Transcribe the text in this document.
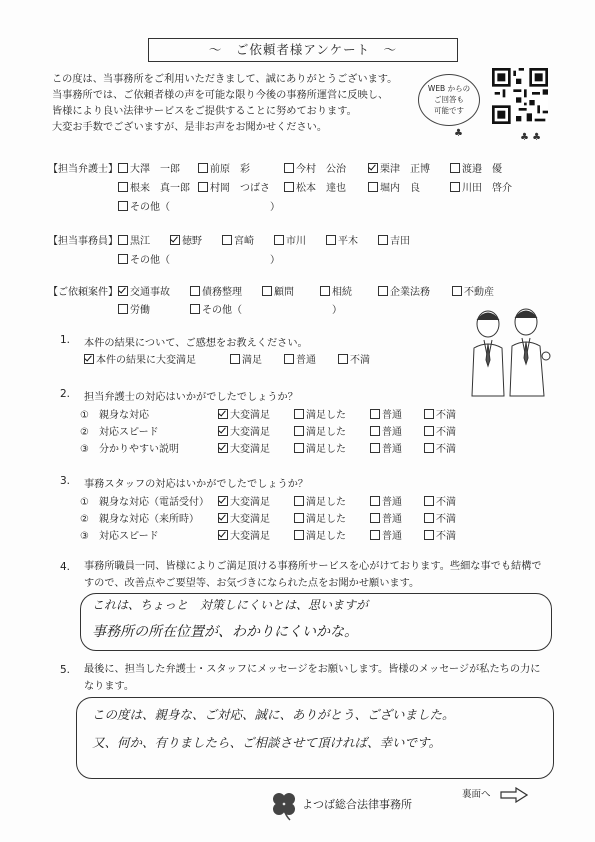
～　ご依頼者様アンケート　～
この度は、当事務所をご利用いただきまして、誠にありがとうございます。
当事務所では、ご依頼者様の声を可能な限り今後の事務所運営に反映し、
皆様により良い法律サービスをご提供することに努めております。
大変お手数でございますが、是非お声をお聞かせください。
WEB からの
ご回答も
可能です
♣	♣ ♣
【担当弁護士】	大澤　一郎	前原　彩	今村　公治	栗津　正博	渡邉　優
根来　真一郎	村岡　つばさ	松本　達也	堀内　良	川田　啓介
その他（　　　　　　　　　　）
【担当事務員】	黒江	徳野	宮崎	市川	平木	吉田
その他（　　　　　　　　　　）
【ご依頼案件】	交通事故	債務整理	顧問	相続	企業法務	不動産
労働	その他（　　　　　　　　　）
1. 本件の結果について、ご感想をお教えください。
本件の結果に大変満足	満足	普通	不満
2. 担当弁護士の対応はいかがでしたでしょうか？
①　親身な対応	大変満足	満足した	普通	不満
②　対応スピード	大変満足	満足した	普通	不満
③　分かりやすい説明	大変満足	満足した	普通	不満
3. 事務スタッフの対応はいかがでしたでしょうか？
①　親身な対応（電話受付）	大変満足	満足した	普通	不満
②　親身な対応（来所時）	大変満足	満足した	普通	不満
③　対応スピード	大変満足	満足した	普通	不満
4. 事務所職員一同、皆様によりご満足頂ける事務所サービスを心がけております。些細な事でも結構で
すので、改善点やご要望等、お気づきになられた点をお聞かせ願います。
これは、ちょっと　対策しにくいとは、思いますが
事務所の所在位置が、わかりにくいかな。
5. 最後に、担当した弁護士・スタッフにメッセージをお願いします。皆様のメッセージが私たちの力に
なります。
この度は、親身な、ご対応、誠に、ありがとう、ございました。
又、何か、有りましたら、ご相談させて頂ければ、幸いです。
裏面へ
よつば総合法律事務所
